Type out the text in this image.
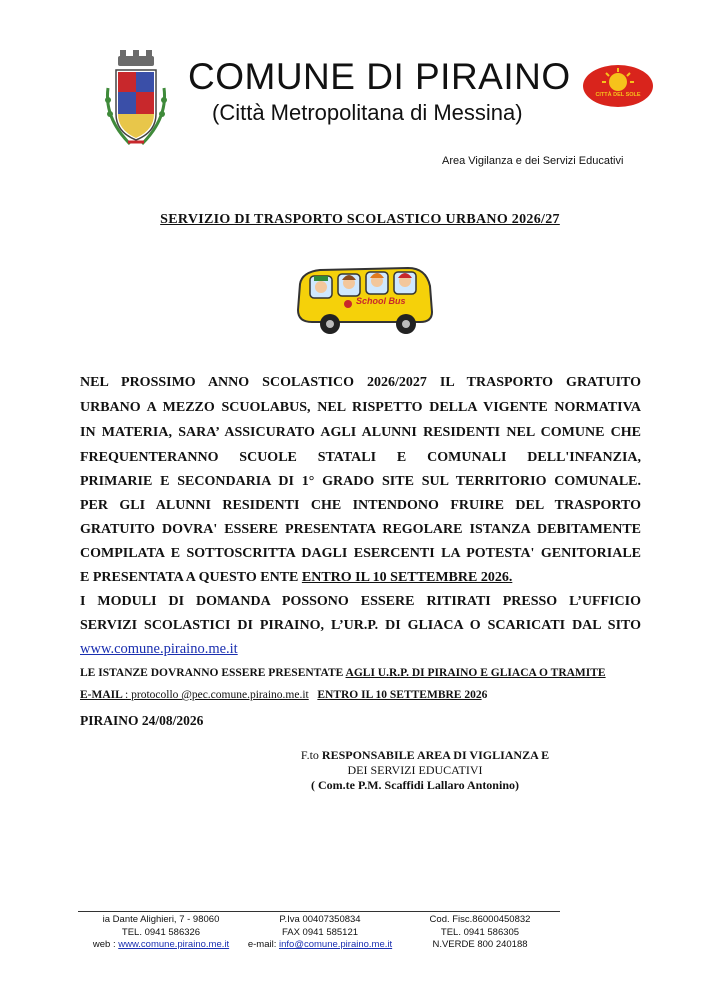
COMUNE DI PIRAINO
(Città Metropolitana di Messina)
CITTÀ DEL SOLE
Area Vigilanza e dei Servizi Educativi
SERVIZIO DI TRASPORTO SCOLASTICO URBANO 2026/27
School Bus
NEL PROSSIMO ANNO SCOLASTICO 2026/2027 IL TRASPORTO GRATUITO
URBANO A MEZZO SCUOLABUS, NEL RISPETTO DELLA VIGENTE NORMATIVA
IN MATERIA, SARA’ ASSICURATO AGLI ALUNNI RESIDENTI NEL COMUNE CHE
FREQUENTERANNO SCUOLE STATALI E COMUNALI DELL'INFANZIA,
PRIMARIE E SECONDARIA DI 1° GRADO SITE SUL TERRITORIO COMUNALE.
PER GLI ALUNNI RESIDENTI CHE INTENDONO FRUIRE DEL TRASPORTO
GRATUITO DOVRA' ESSERE PRESENTATA REGOLARE ISTANZA DEBITAMENTE
COMPILATA E SOTTOSCRITTA DAGLI ESERCENTI LA POTESTA' GENITORIALE
E PRESENTATA A QUESTO ENTE ENTRO IL 10 SETTEMBRE 2026.
I MODULI DI DOMANDA POSSONO ESSERE RITIRATI PRESSO L’UFFICIO
SERVIZI SCOLASTICI DI PIRAINO, L’UR.P. DI GLIACA O SCARICATI DAL SITO
www.comune.piraino.me.it
LE ISTANZE DOVRANNO ESSERE PRESENTATE AGLI U.R.P. DI PIRAINO E GLIACA O TRAMITE
E-MAIL : protocollo @pec.comune.piraino.me.it ENTRO IL 10 SETTEMBRE 2026
PIRAINO 24/08/2026
F.to RESPONSABILE AREA DI VIGLIANZA E
DEI SERVIZI EDUCATIVI
( Com.te P.M. Scaffidi Lallaro Antonino)
ia Dante Alighieri, 7 - 98060
TEL. 0941 586326
web : www.comune.piraino.me.it
P.Iva 00407350834
FAX 0941 585121
e-mail: info@comune.piraino.me.it
Cod. Fisc.86000450832
TEL. 0941 586305
N.VERDE 800 240188
